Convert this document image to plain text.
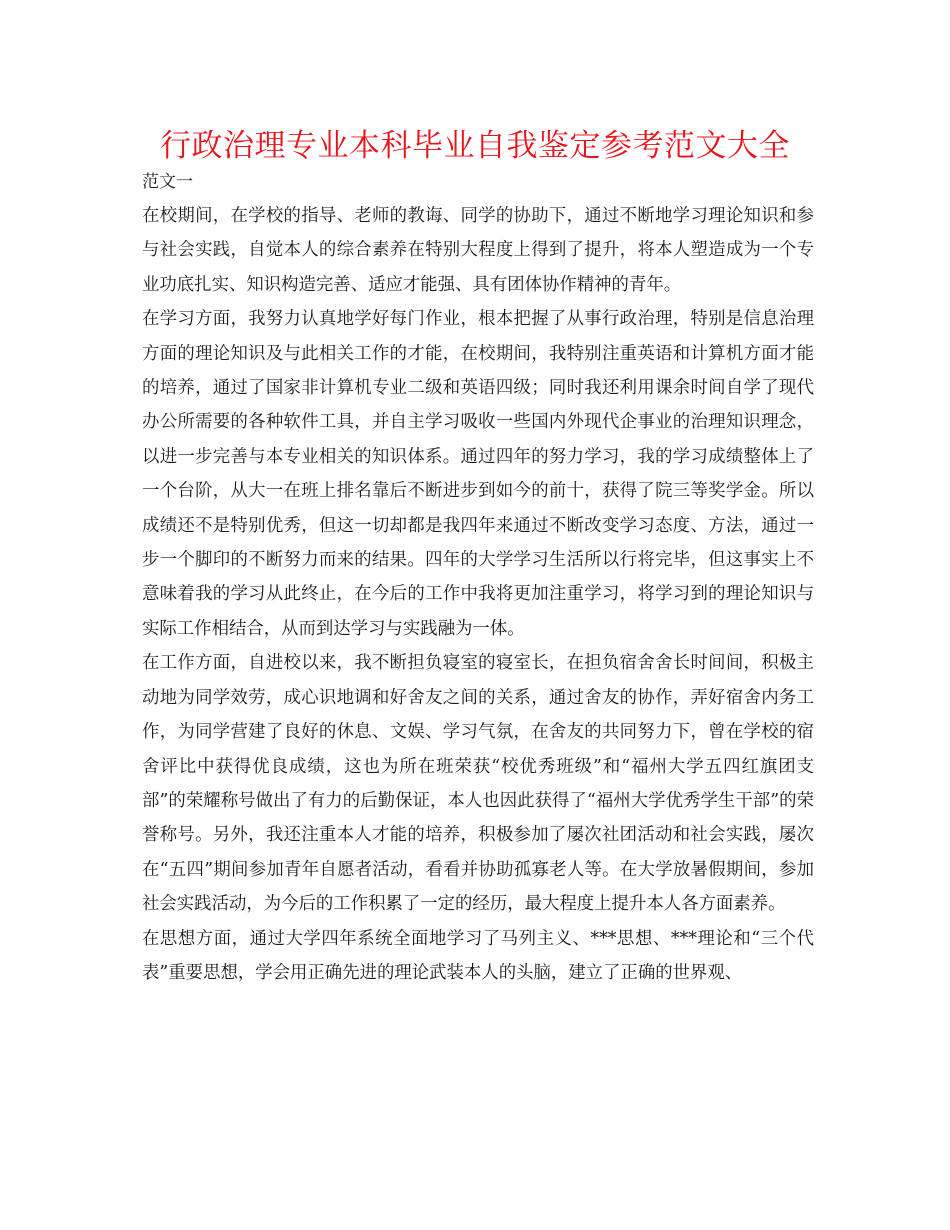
行政治理专业本科毕业自我鉴定参考范文大全
范文一

在校期间，在学校的指导、老师的教诲、同学的协助下，通过不断地学习理论知识和参与社会实践，自觉本人的综合素养在特别大程度上得到了提升，将本人塑造成为一个专业功底扎实、知识构造完善、适应才能强、具有团体协作精神的青年。

在学习方面，我努力认真地学好每门作业，根本把握了从事行政治理，特别是信息治理方面的理论知识及与此相关工作的才能，在校期间，我特别注重英语和计算机方面才能的培养，通过了国家非计算机专业二级和英语四级；同时我还利用课余时间自学了现代办公所需要的各种软件工具，并自主学习吸收一些国内外现代企事业的治理知识理念，以进一步完善与本专业相关的知识体系。通过四年的努力学习，我的学习成绩整体上了一个台阶，从大一在班上排名靠后不断进步到如今的前十，获得了院三等奖学金。所以成绩还不是特别优秀，但这一切却都是我四年来通过不断改变学习态度、方法，通过一步一个脚印的不断努力而来的结果。四年的大学学习生活所以行将完毕，但这事实上不意味着我的学习从此终止，在今后的工作中我将更加注重学习，将学习到的理论知识与实际工作相结合，从而到达学习与实践融为一体。

在工作方面，自进校以来，我不断担负寝室的寝室长，在担负宿舍舍长时间间，积极主动地为同学效劳，成心识地调和好舍友之间的关系，通过舍友的协作，弄好宿舍内务工作，为同学营建了良好的休息、文娱、学习气氛，在舍友的共同努力下，曾在学校的宿舍评比中获得优良成绩，这也为所在班荣获“校优秀班级”和“福州大学五四红旗团支部”的荣耀称号做出了有力的后勤保证，本人也因此获得了“福州大学优秀学生干部”的荣誉称号。另外，我还注重本人才能的培养，积极参加了屡次社团活动和社会实践，屡次在“五四”期间参加青年自愿者活动，看看并协助孤寡老人等。在大学放暑假期间，参加社会实践活动，为今后的工作积累了一定的经历，最大程度上提升本人各方面素养。

在思想方面，通过大学四年系统全面地学习了马列主义、***思想、***理论和“三个代表”重要思想，学会用正确先进的理论武装本人的头脑，建立了正确的世界观、
